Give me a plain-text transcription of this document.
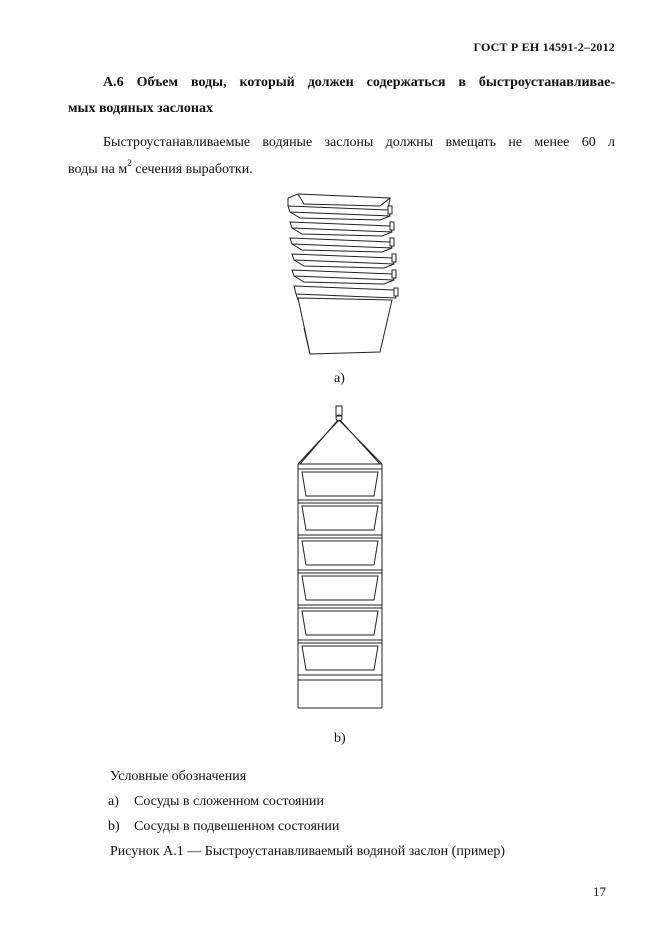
ГОСТ Р ЕН 14591-2–2012
А.6 Объем воды, который должен содержаться в быстроустанавливае-
мых водяных заслонах
Быстроустанавливаемые водяные заслоны должны вмещать не менее 60 л
воды на $м^2$ сечения выработки.
а)
b)
Условные обозначения
а) Сосуды в сложенном состоянии
b) Сосуды в подвешенном состоянии
Рисунок А.1 — Быстроустанавливаемый водяной заслон (пример)
17
